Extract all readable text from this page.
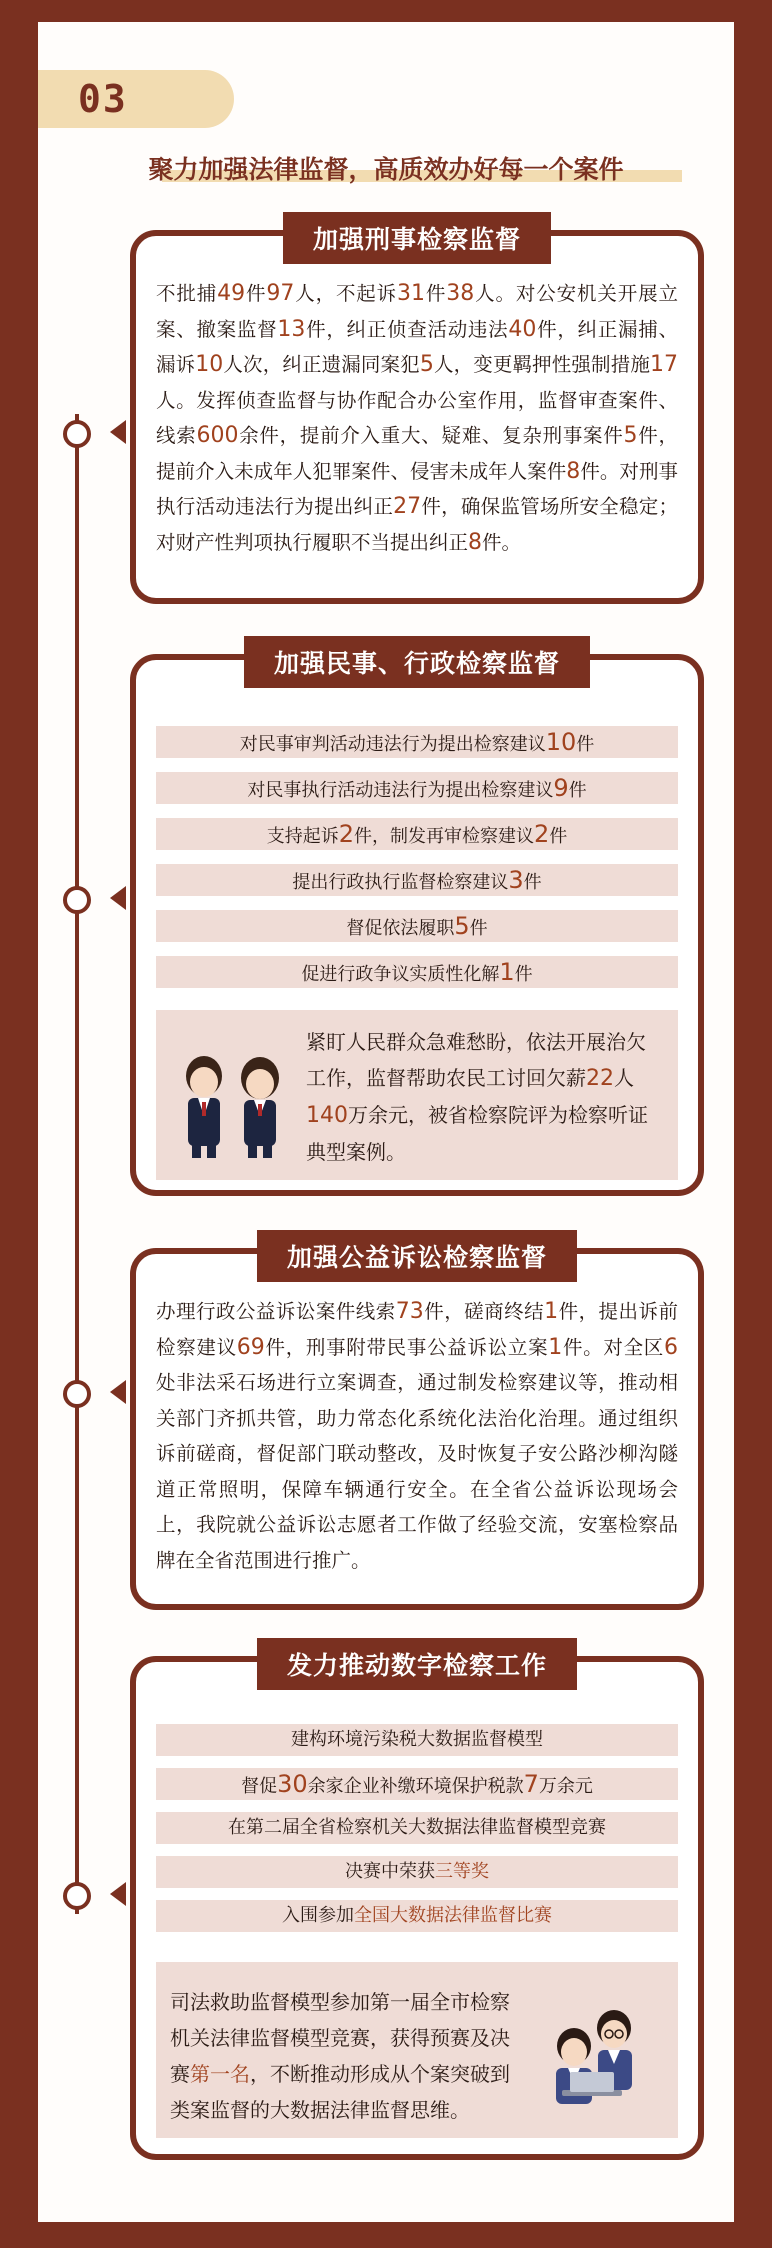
03
聚力加强法律监督，高质效办好每一个案件
加强刑事检察监督
不批捕49件97人，不起诉31件38人。对公安机关开展立案、撤案监督13件，纠正侦查活动违法40件，纠正漏捕、漏诉10人次，纠正遗漏同案犯5人，变更羁押性强制措施17人。发挥侦查监督与协作配合办公室作用，监督审查案件、线索600余件，提前介入重大、疑难、复杂刑事案件5件，提前介入未成年人犯罪案件、侵害未成年人案件8件。对刑事执行活动违法行为提出纠正27件，确保监管场所安全稳定；对财产性判项执行履职不当提出纠正8件。
加强民事、行政检察监督
对民事审判活动违法行为提出检察建议10件
对民事执行活动违法行为提出检察建议9件
支持起诉2件，制发再审检察建议2件
提出行政执行监督检察建议3件
督促依法履职5件
促进行政争议实质性化解1件
紧盯人民群众急难愁盼，依法开展治欠工作，监督帮助农民工讨回欠薪22人140万余元，被省检察院评为检察听证典型案例。
加强公益诉讼检察监督
办理行政公益诉讼案件线索73件，磋商终结1件，提出诉前检察建议69件，刑事附带民事公益诉讼立案1件。对全区6处非法采石场进行立案调查，通过制发检察建议等，推动相关部门齐抓共管，助力常态化系统化法治化治理。通过组织诉前磋商，督促部门联动整改，及时恢复子安公路沙柳沟隧道正常照明，保障车辆通行安全。在全省公益诉讼现场会上，我院就公益诉讼志愿者工作做了经验交流，安塞检察品牌在全省范围进行推广。
发力推动数字检察工作
建构环境污染税大数据监督模型
督促30余家企业补缴环境保护税款7万余元
在第二届全省检察机关大数据法律监督模型竞赛
决赛中荣获三等奖
入围参加全国大数据法律监督比赛
司法救助监督模型参加第一届全市检察机关法律监督模型竞赛，获得预赛及决赛第一名，不断推动形成从个案突破到类案监督的大数据法律监督思维。
